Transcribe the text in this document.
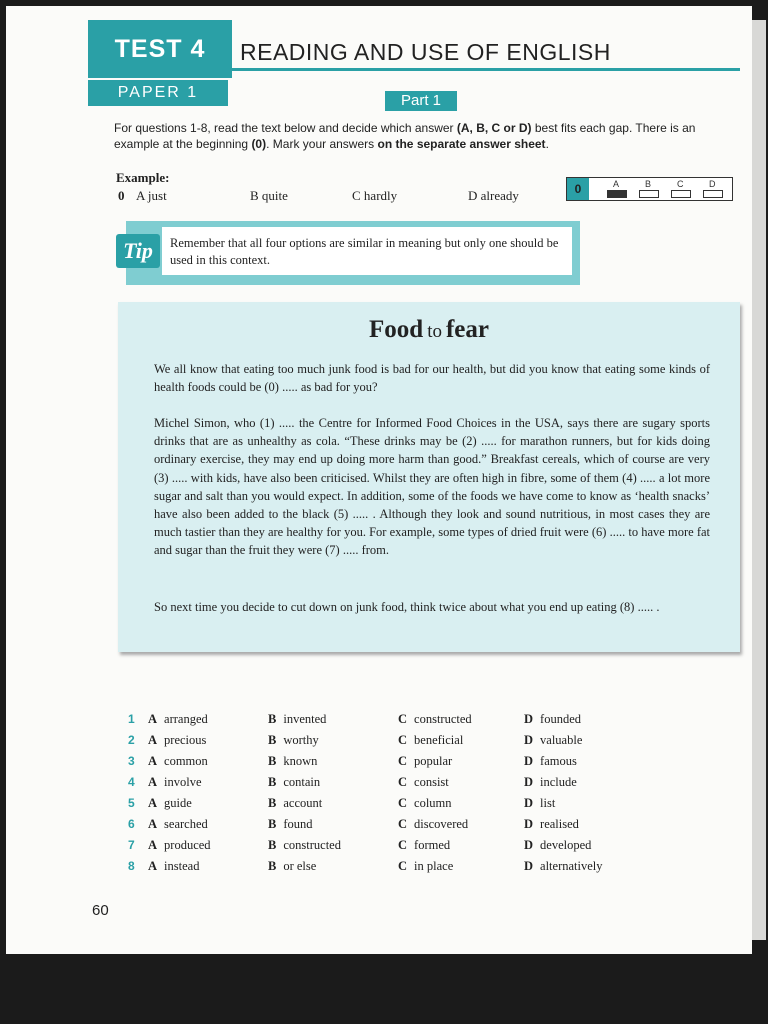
TEST 4
PAPER 1
READING AND USE OF ENGLISH
Part 1
For questions 1-8, read the text below and decide which answer (A, B, C or D) best fits each gap. There is an example at the beginning (0). Mark your answers on the separate answer sheet.
Example:
0 A just	B quite	C hardly	D already	0	A	B	C	D
Remember that all four options are similar in meaning but only one should be used in this context.
Tip
Food to fear
We all know that eating too much junk food is bad for our health, but did you know that eating some kinds of health foods could be (0) ..... as bad for you?
Michel Simon, who (1) ..... the Centre for Informed Food Choices in the USA, says there are sugary sports drinks that are as unhealthy as cola. “These drinks may be (2) ..... for marathon runners, but for kids doing ordinary exercise, they may end up doing more harm than good.” Breakfast cereals, which of course are very (3) ..... with kids, have also been criticised. Whilst they are often high in fibre, some of them (4) ..... a lot more sugar and salt than you would expect. In addition, some of the foods we have come to know as ‘health snacks’ have also been added to the black (5) ..... . Although they look and sound nutritious, in most cases they are much tastier than they are healthy for you. For example, some types of dried fruit were (6) ..... to have more fat and sugar than the fruit they were (7) ..... from.
So next time you decide to cut down on junk food, think twice about what you end up eating (8) ..... .
1	A arranged	B invented	C constructed	D founded
2	A precious	B worthy	C beneficial	D valuable
3	A common	B known	C popular	D famous
4	A involve	B contain	C consist	D include
5	A guide	B account	C column	D list
6	A searched	B found	C discovered	D realised
7	A produced	B constructed	C formed	D developed
8	A instead	B or else	C in place	D alternatively
60
